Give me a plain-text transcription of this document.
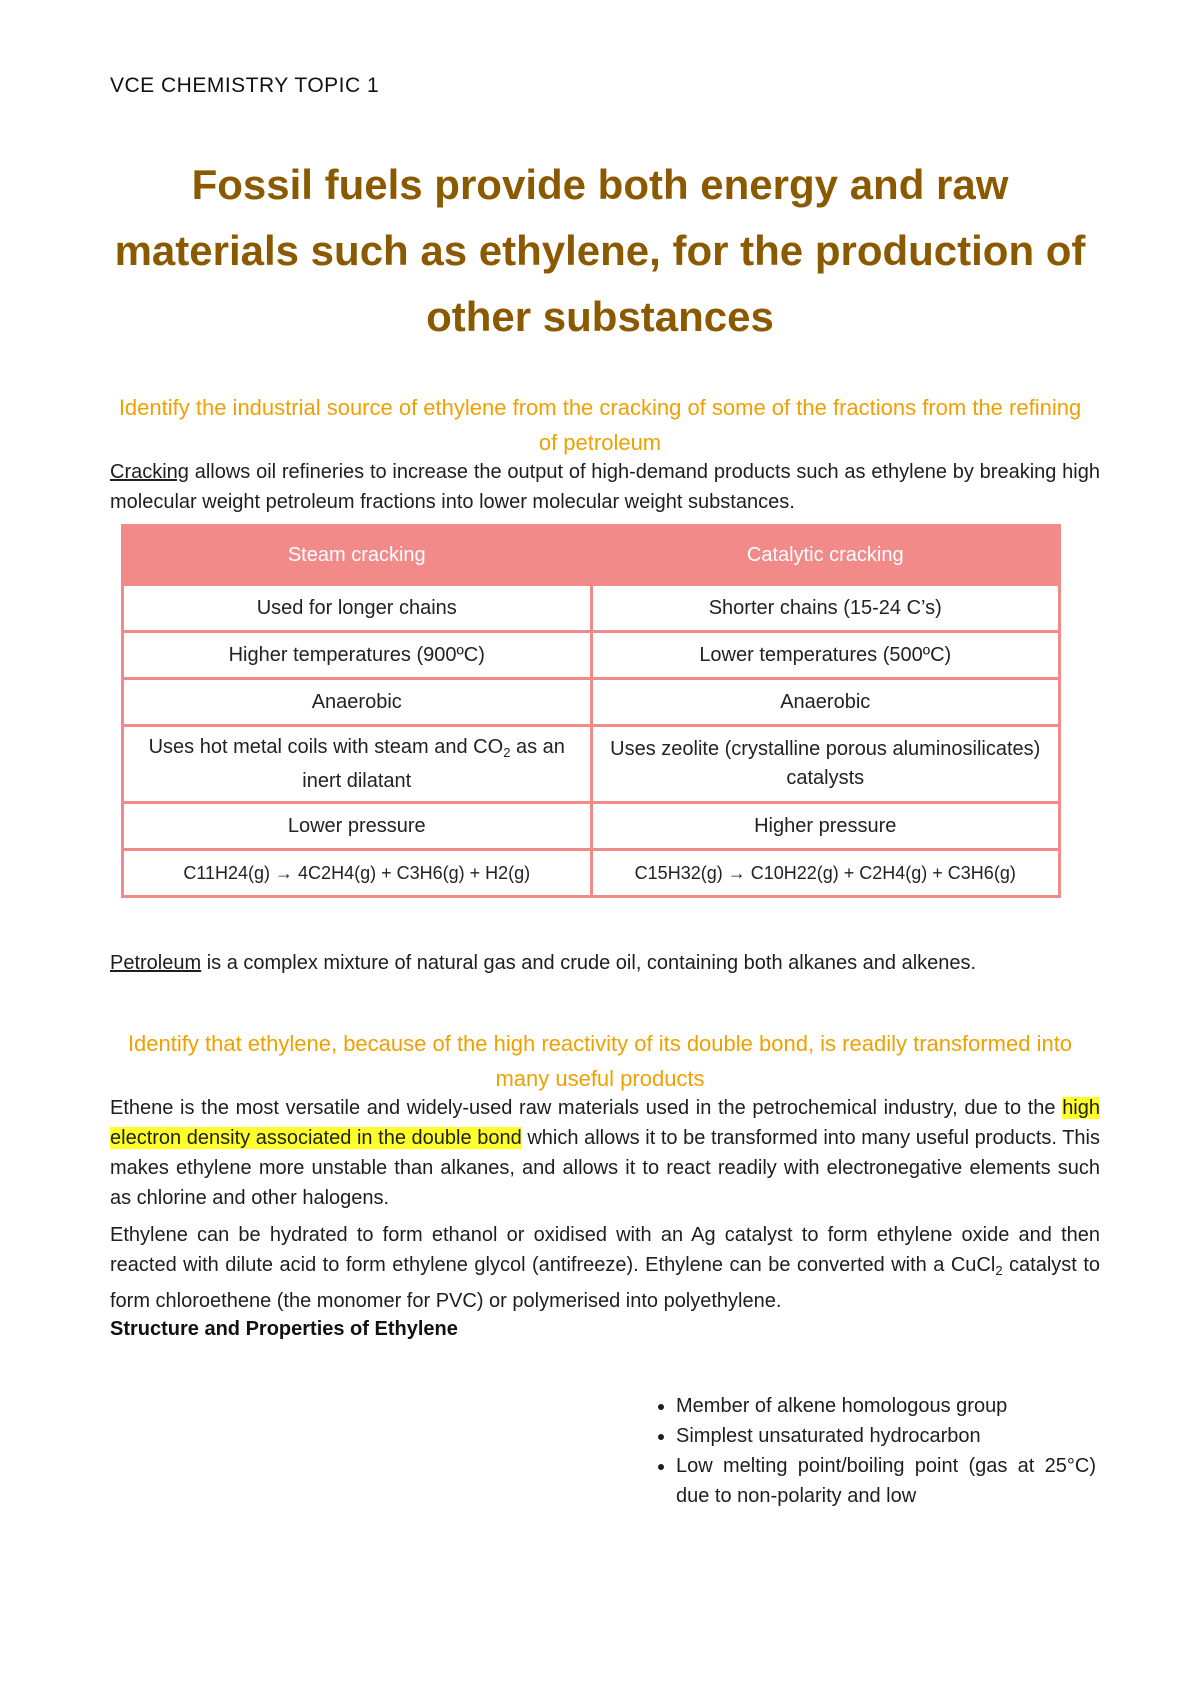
VCE CHEMISTRY TOPIC 1
Fossil fuels provide both energy and raw materials such as ethylene, for the production of other substances
Identify the industrial source of ethylene from the cracking of some of the fractions from the refining of petroleum
Cracking allows oil refineries to increase the output of high-demand products such as ethylene by breaking high molecular weight petroleum fractions into lower molecular weight substances.
Steam cracking	Catalytic cracking
Used for longer chains	Shorter chains (15-24 C’s)
Higher temperatures (900ºC)	Lower temperatures (500ºC)
Anaerobic	Anaerobic
Uses hot metal coils with steam and $CO_2$ as an inert dilatant	Uses zeolite (crystalline porous aluminosilicates) catalysts
Lower pressure	Higher pressure
C11H24(g) → 4C2H4(g) + C3H6(g) + H2(g)	C15H32(g) → C10H22(g) + C2H4(g) + C3H6(g)
Petroleum is a complex mixture of natural gas and crude oil, containing both alkanes and alkenes.
Identify that ethylene, because of the high reactivity of its double bond, is readily transformed into many useful products
Ethene is the most versatile and widely-used raw materials used in the petrochemical industry, due to the high electron density associated in the double bond which allows it to be transformed into many useful products. This makes ethylene more unstable than alkanes, and allows it to react readily with electronegative elements such as chlorine and other halogens.
Ethylene can be hydrated to form ethanol or oxidised with an Ag catalyst to form ethylene oxide and then reacted with dilute acid to form ethylene glycol (antifreeze). Ethylene can be converted with a CuCl$_2$ catalyst to form chloroethene (the monomer for PVC) or polymerised into polyethylene.
Structure and Properties of Ethylene
• Member of alkene homologous group
• Simplest unsaturated hydrocarbon
• Low melting point/boiling point (gas at 25°C) due to non-polarity and low
